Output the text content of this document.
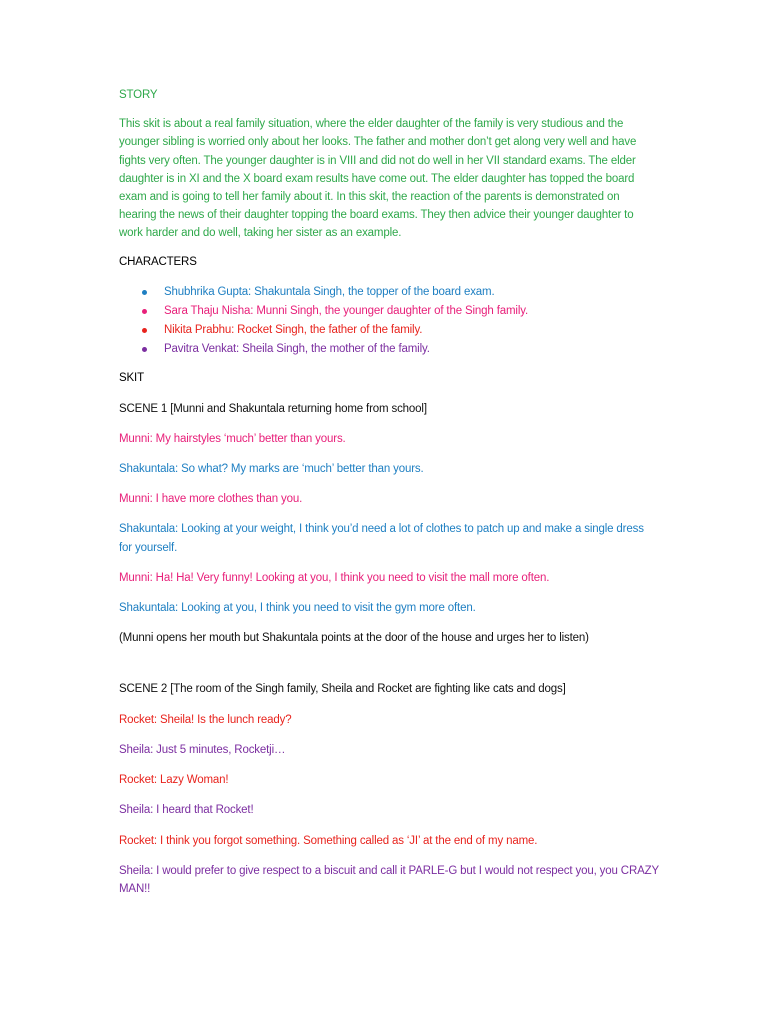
STORY

This skit is about a real family situation, where the elder daughter of the family is very studious and the younger sibling is worried only about her looks. The father and mother don’t get along very well and have fights very often. The younger daughter is in VIII and did not do well in her VII standard exams. The elder daughter is in XI and the X board exam results have come out. The elder daughter has topped the board exam and is going to tell her family about it. In this skit, the reaction of the parents is demonstrated on hearing the news of their daughter topping the board exams. They then advice their younger daughter to work harder and do well, taking her sister as an example.

CHARACTERS

Shubhrika Gupta: Shakuntala Singh, the topper of the board exam.
Sara Thaju Nisha: Munni Singh, the younger daughter of the Singh family.
Nikita Prabhu: Rocket Singh, the father of the family.
Pavitra Venkat: Sheila Singh, the mother of the family.

SKIT

SCENE 1 [Munni and Shakuntala returning home from school]

Munni: My hairstyles ‘much’ better than yours.

Shakuntala: So what? My marks are ‘much’ better than yours.

Munni: I have more clothes than you.

Shakuntala: Looking at your weight, I think you’d need a lot of clothes to patch up and make a single dress for yourself.

Munni: Ha! Ha! Very funny! Looking at you, I think you need to visit the mall more often.

Shakuntala: Looking at you, I think you need to visit the gym more often.

(Munni opens her mouth but Shakuntala points at the door of the house and urges her to listen)

SCENE 2 [The room of the Singh family, Sheila and Rocket are fighting like cats and dogs]

Rocket: Sheila! Is the lunch ready?

Sheila: Just 5 minutes, Rocketji…

Rocket: Lazy Woman!

Sheila: I heard that Rocket!

Rocket: I think you forgot something. Something called as ‘JI’ at the end of my name.

Sheila: I would prefer to give respect to a biscuit and call it PARLE-G but I would not respect you, you CRAZY MAN!!
